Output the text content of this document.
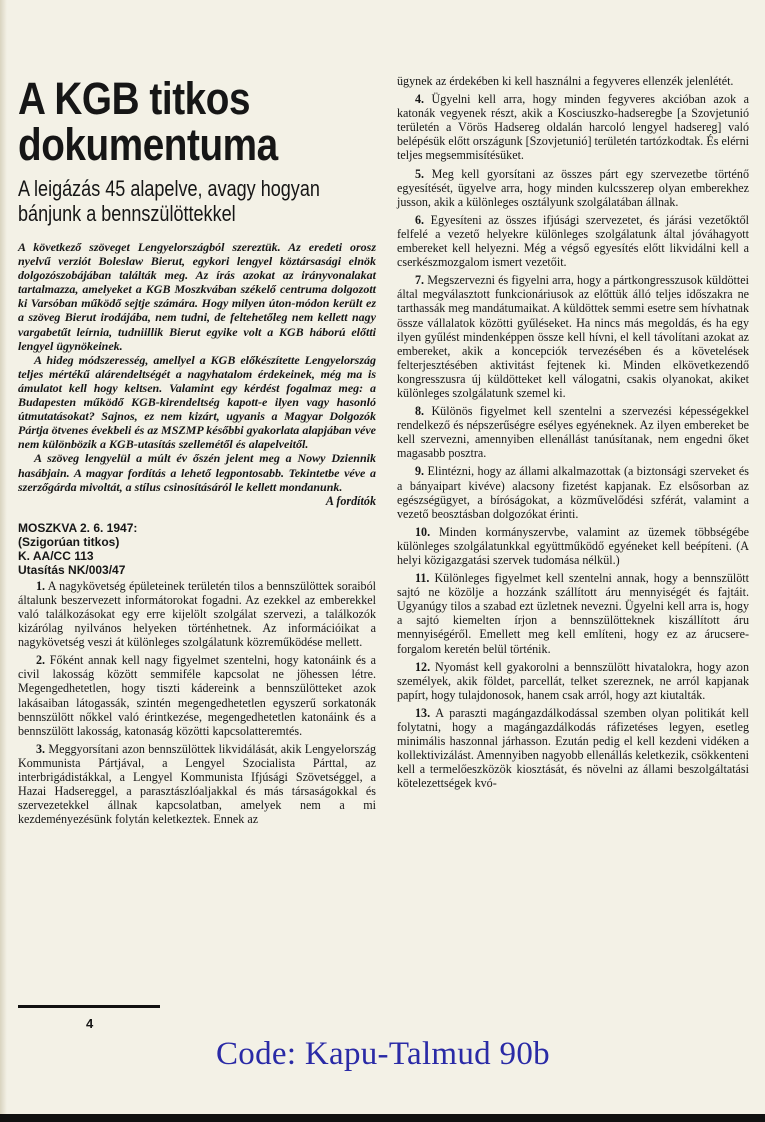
A KGB titkos dokumentuma
A leigázás 45 alapelve, avagy hogyan bánjunk a bennszülöttekkel

A következő szöveget Lengyelországból szereztük. Az eredeti orosz nyelvű verziót Boleslaw Bierut, egykori lengyel köztársasági elnök dolgozószobájában találták meg. Az írás azokat az irányvonalakat tartalmazza, amelyeket a KGB Moszkvában székelő centruma dolgozott ki Varsóban működő sejtje számára. Hogy milyen úton-módon került ez a szöveg Bierut irodájába, nem tudni, de feltehetőleg nem kellett nagy vargabetűt leírnia, tudniillik Bierut egyike volt a KGB háború előtti lengyel ügynökeinek.

A hideg módszeresség, amellyel a KGB előkészítette Lengyelország teljes mértékű alárendeltségét a nagyhatalom érdekeinek, még ma is ámulatot kell hogy keltsen. Valamint egy kérdést fogalmaz meg: a Budapesten működő KGB-kirendeltség kapott-e ilyen vagy hasonló útmutatásokat? Sajnos, ez nem kizárt, ugyanis a Magyar Dolgozók Pártja ötvenes évekbeli és az MSZMP későbbi gyakorlata alapjában véve nem különbözik a KGB-utasítás szellemétől és alapelveitől.

A szöveg lengyelül a múlt év őszén jelent meg a Nowy Dziennik hasábjain. A magyar fordítás a lehető legpontosabb. Tekintetbe véve a szerzőgárda mivoltát, a stílus csinosításáról le kellett mondanunk.

A fordítók
MOSZKVA 2. 6. 1947:
(Szigorúan titkos)
K. AA/CC 113
Utasítás NK/003/47

1. A nagykövetség épületeinek területén tilos a bennszülöttek soraiból általunk beszervezett informátorokat fogadni. Az ezekkel az emberekkel való találkozásokat egy erre kijelölt szolgálat szervezi, a találkozók kizárólag nyilvános helyeken történhetnek. Az információikat a nagykövetség veszi át különleges szolgálatunk közreműködése mellett.

2. Főként annak kell nagy figyelmet szentelni, hogy katonáink és a civil lakosság között semmiféle kapcsolat ne jöhessen létre. Megengedhetetlen, hogy tiszti kádereink a bennszülötteket azok lakásaiban látogassák, szintén megengedhetetlen egyszerű sorkatonák bennszülött nőkkel való érintkezése, megengedhetetlen katonáink és a bennszülött lakosság, katonaság közötti kapcsolatteremtés.

3. Meggyorsítani azon bennszülöttek likvidálását, akik Lengyelország Kommunista Pártjával, a Lengyel Szocialista Párttal, az interbrigádistákkal, a Lengyel Kommunista Ifjúsági Szövetséggel, a Hazai Hadsereggel, a parasztászlóaljakkal és más társaságokkal és szervezetekkel állnak kapcsolatban, amelyek nem a mi kezdeményezésünk folytán keletkeztek. Ennek az

ügynek az érdekében ki kell használni a fegyveres ellenzék jelenlétét.

4. Ügyelni kell arra, hogy minden fegyveres akcióban azok a katonák vegyenek részt, akik a Kosciuszko-hadseregbe [a Szovjetunió területén a Vörös Hadsereg oldalán harcoló lengyel hadsereg] való belépésük előtt országunk [Szovjetunió] területén tartózkodtak. És elérni teljes megsemmisítésüket.

5. Meg kell gyorsítani az összes párt egy szervezetbe történő egyesítését, ügyelve arra, hogy minden kulcsszerep olyan emberekhez jusson, akik a különleges osztályunk szolgálatában állnak.

6. Egyesíteni az összes ifjúsági szervezetet, és járási vezetőktől felfelé a vezető helyekre különleges szolgálatunk által jóváhagyott embereket kell helyezni. Még a végső egyesítés előtt likvidálni kell a cserkészmozgalom ismert vezetőit.

7. Megszervezni és figyelni arra, hogy a pártkongresszusok küldöttei által megválasztott funkcionáriusok az előttük álló teljes időszakra ne tarthassák meg mandátumaikat. A küldöttek semmi esetre sem hívhatnak össze vállalatok közötti gyűléseket. Ha nincs más megoldás, és ha egy ilyen gyűlést mindenképpen össze kell hívni, el kell távolítani azokat az embereket, akik a koncepciók tervezésében és a követelések felterjesztésében aktivitást fejtenek ki. Minden elkövetkezendő kongresszusra új küldötteket kell válogatni, csakis olyanokat, akiket különleges szolgálatunk szemel ki.

8. Különös figyelmet kell szentelni a szervezési képességekkel rendelkező és népszerűségre esélyes egyéneknek. Az ilyen embereket be kell szervezni, amennyiben ellenállást tanúsítanak, nem engedni őket magasabb posztra.

9. Elintézni, hogy az állami alkalmazottak (a biztonsági szerveket és a bányaipart kivéve) alacsony fizetést kapjanak. Ez elsősorban az egészségügyet, a bíróságokat, a közművelődési szférát, valamint a vezető beosztásban dolgozókat érinti.

10. Minden kormányszervbe, valamint az üzemek többségébe különleges szolgálatunkkal együttműködő egyéneket kell beépíteni. (A helyi közigazgatási szervek tudomása nélkül.)

11. Különleges figyelmet kell szentelni annak, hogy a bennszülött sajtó ne közölje a hozzánk szállított áru mennyiségét és fajtáit. Ugyanúgy tilos a szabad ezt üzletnek nevezni. Ügyelni kell arra is, hogy a sajtó kiemelten írjon a bennszülötteknek kiszállított áru mennyiségéről. Emellett meg kell említeni, hogy ez az árucsere-forgalom keretén belül történik.

12. Nyomást kell gyakorolni a bennszülött hivatalokra, hogy azon személyek, akik földet, parcellát, telket szereznek, ne arról kapjanak papírt, hogy tulajdonosok, hanem csak arról, hogy azt kiutalták.

13. A paraszti magángazdálkodással szemben olyan politikát kell folytatni, hogy a magángazdálkodás ráfizetéses legyen, esetleg minimális haszonnal járhasson. Ezután pedig el kell kezdeni vidéken a kollektivizálást. Amennyiben nagyobb ellenállás keletkezik, csökkenteni kell a termelőeszközök kiosztását, és növelni az állami beszolgáltatási kötelezettségek kvó-

4
Code: Kapu-Talmud 90b
